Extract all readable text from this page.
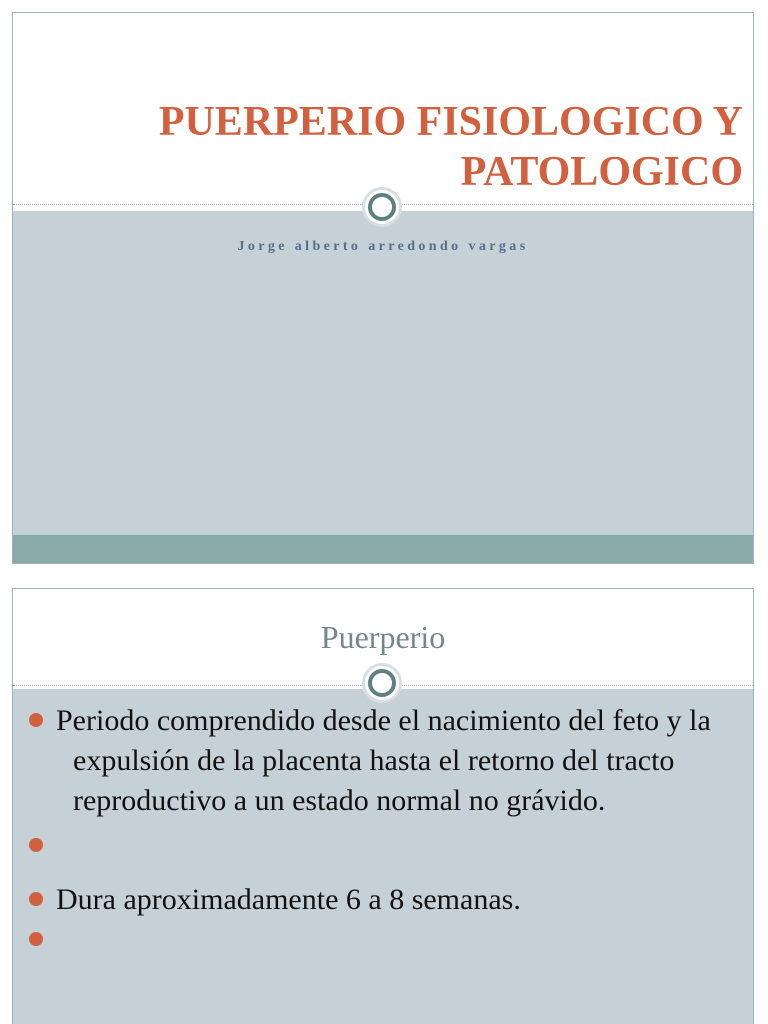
PUERPERIO FISIOLOGICO Y
PATOLOGICO
Jorge alberto arredondo vargas
Puerperio
Periodo comprendido desde el nacimiento del feto y la expulsión de la placenta hasta el retorno del tracto reproductivo a un estado normal no grávido.
Dura aproximadamente 6 a 8 semanas.
